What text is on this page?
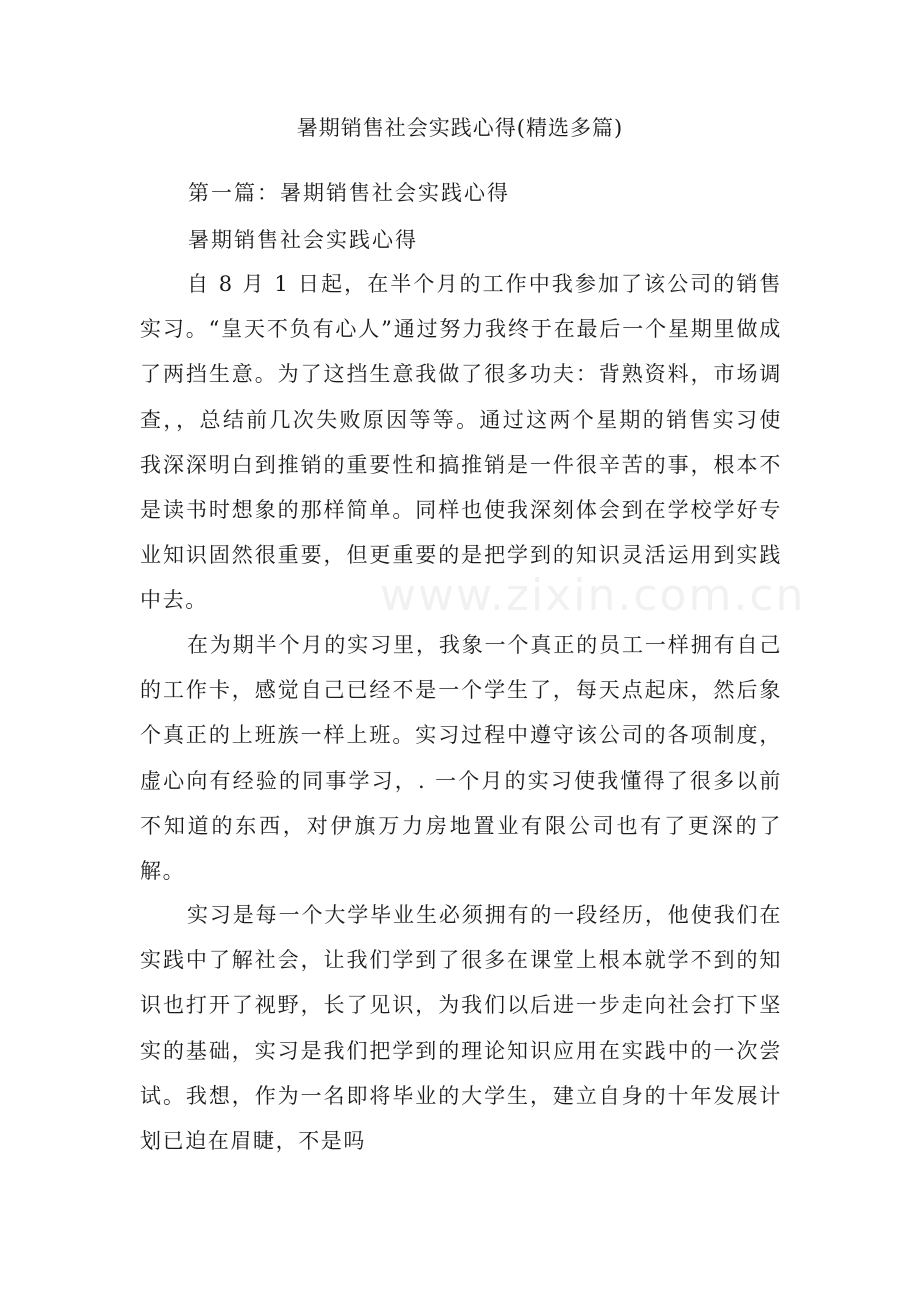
暑期销售社会实践心得(精选多篇)
第一篇：暑期销售社会实践心得
暑期销售社会实践心得

自 8 月 1 日起，在半个月的工作中我参加了该公司的销售实习。“皇天不负有心人”通过努力我终于在最后一个星期里做成了两挡生意。为了这挡生意我做了很多功夫：背熟资料，市场调查，，总结前几次失败原因等等。通过这两个星期的销售实习使我深深明白到推销的重要性和搞推销是一件很辛苦的事，根本不是读书时想象的那样简单。同样也使我深刻体会到在学校学好专业知识固然很重要，但更重要的是把学到的知识灵活运用到实践中去。

在为期半个月的实习里，我象一个真正的员工一样拥有自己的工作卡，感觉自己已经不是一个学生了，每天点起床，然后象个真正的上班族一样上班。实习过程中遵守该公司的各项制度，虚心向有经验的同事学习，. 一个月的实习使我懂得了很多以前不知道的东西，对伊旗万力房地置业有限公司也有了更深的了解。

实习是每一个大学毕业生必须拥有的一段经历，他使我们在实践中了解社会，让我们学到了很多在课堂上根本就学不到的知识也打开了视野，长了见识，为我们以后进一步走向社会打下坚实的基础，实习是我们把学到的理论知识应用在实践中的一次尝试。我想，作为一名即将毕业的大学生，建立自身的十年发展计划已迫在眉睫，不是吗

www.zixin.com.cn
